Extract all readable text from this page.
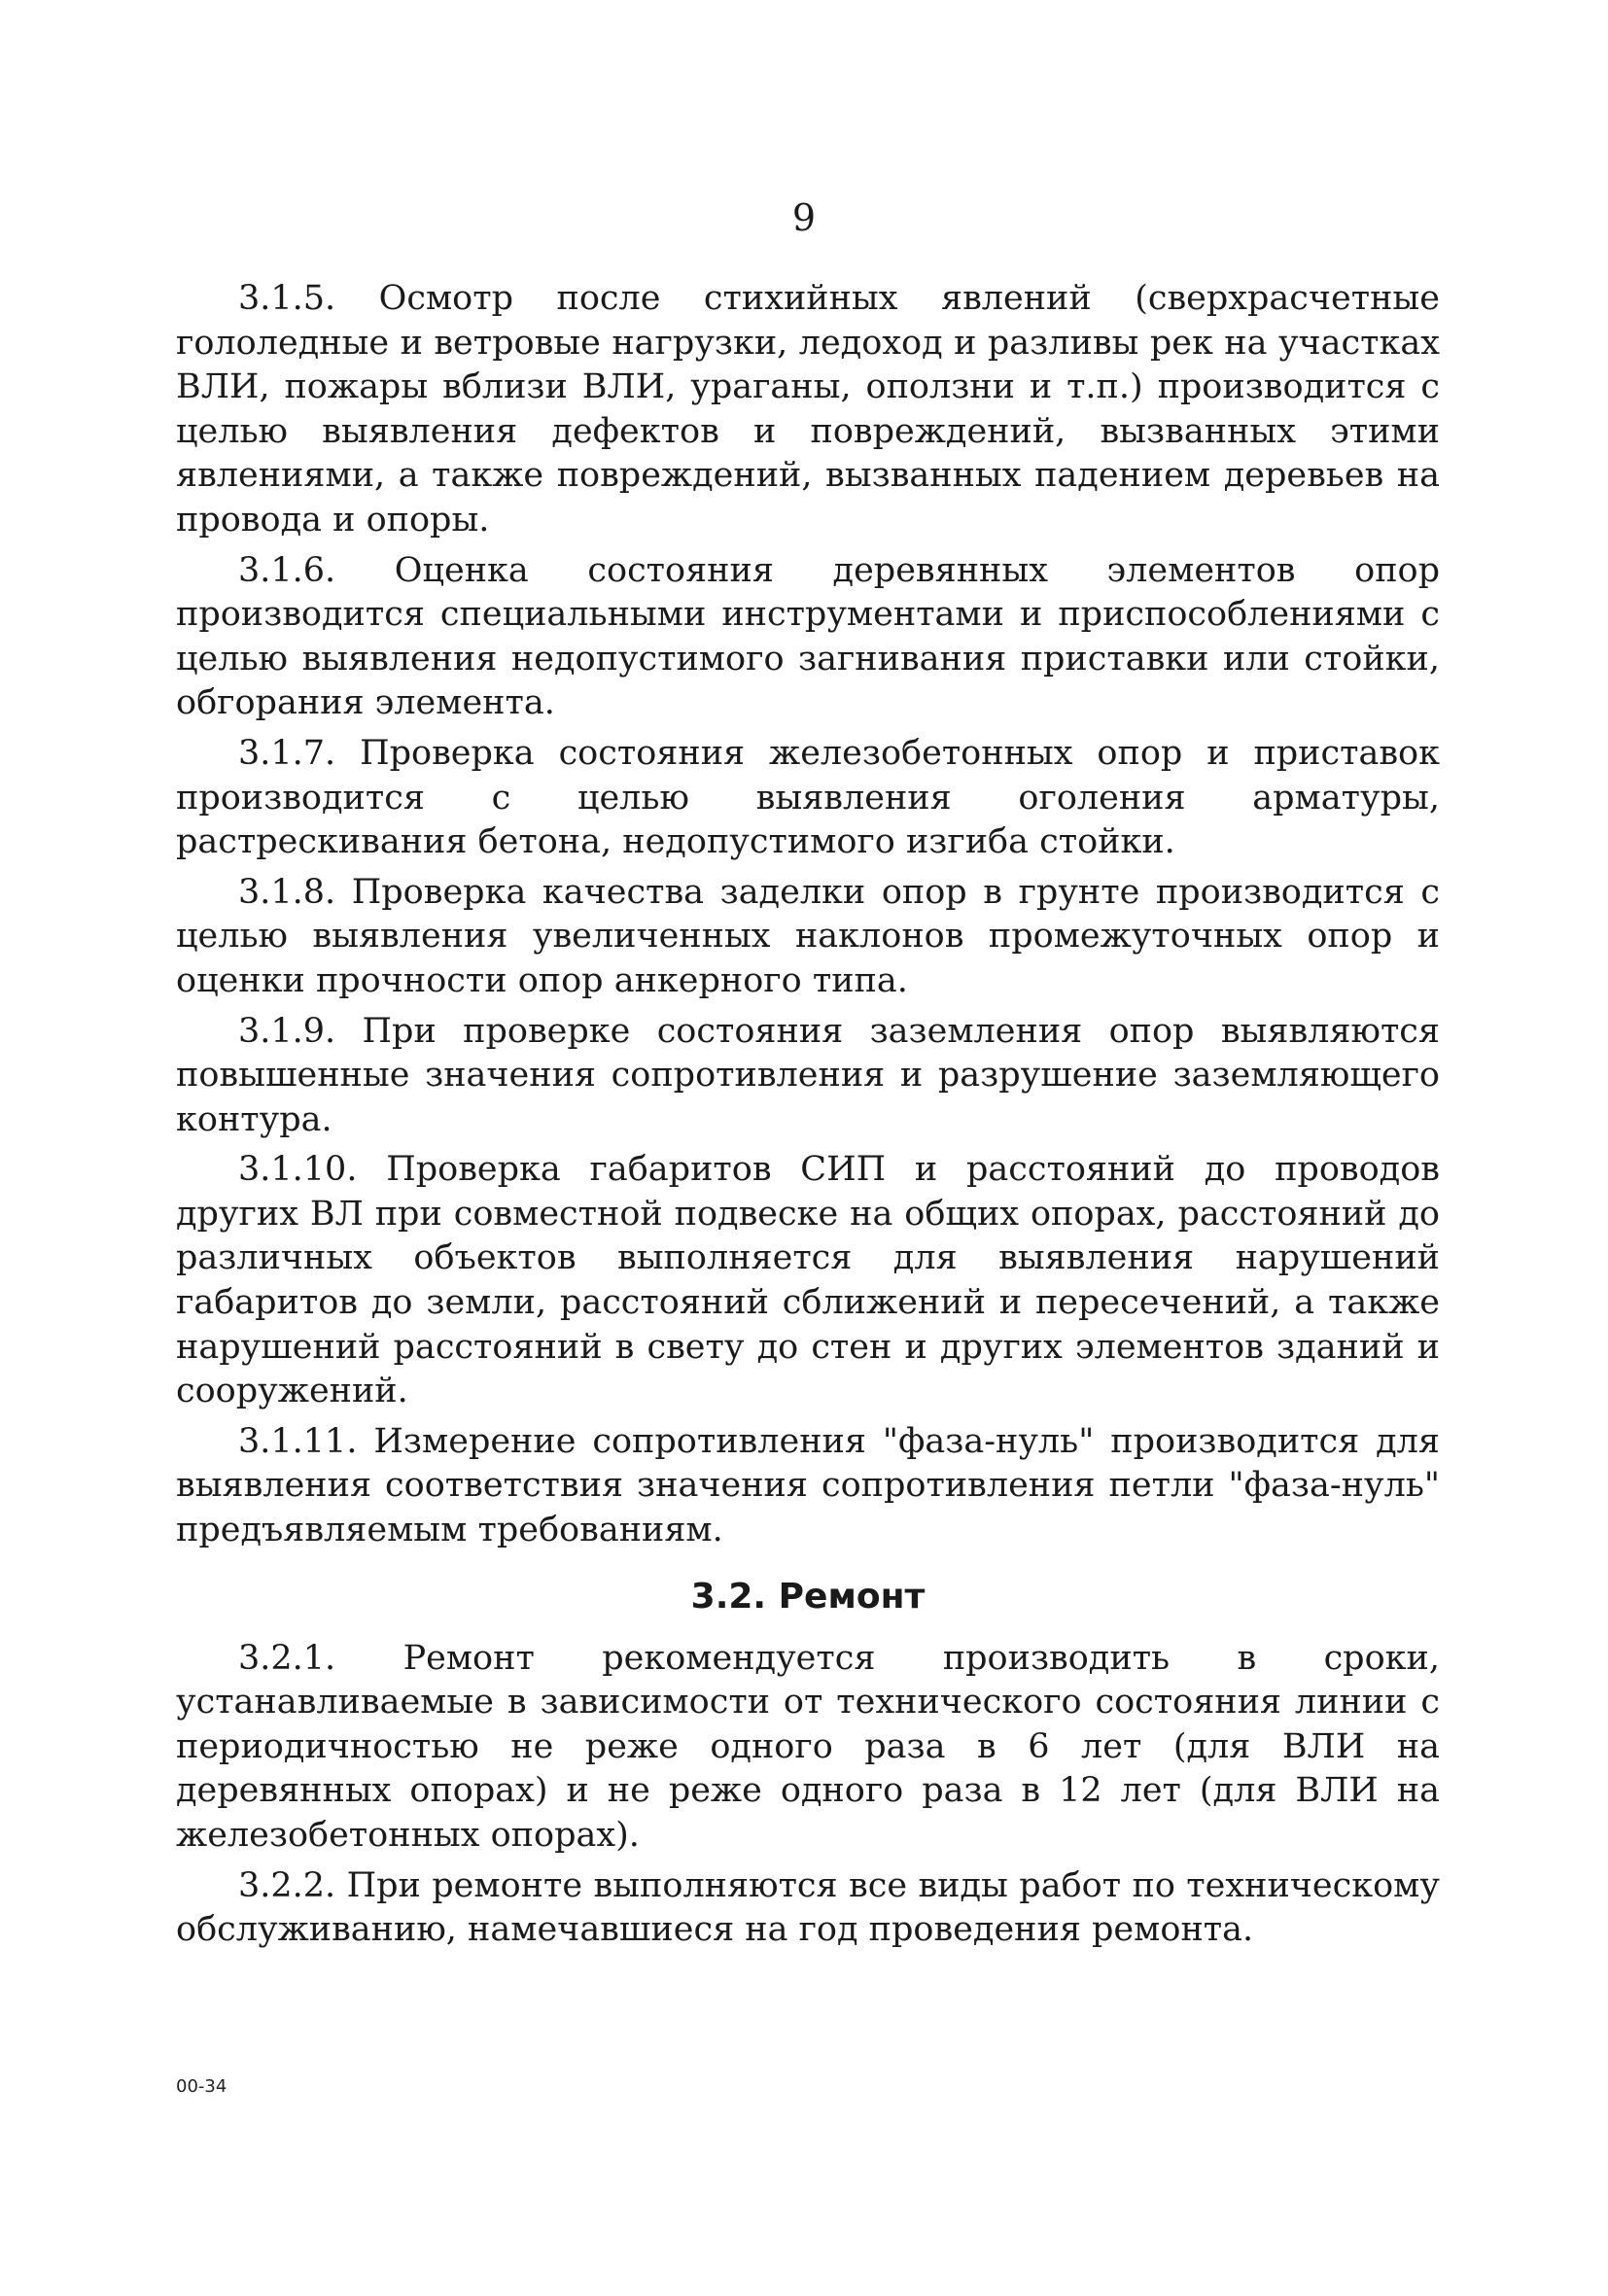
9

3.1.5. Осмотр после стихийных явлений (сверхрасчетные гололедные и ветровые нагрузки, ледоход и разливы рек на участках ВЛИ, пожары вблизи ВЛИ, ураганы, оползни и т.п.) производится с целью выявления дефектов и повреждений, вызванных этими явлениями, а также повреждений, вызванных падением деревьев на провода и опоры.

3.1.6. Оценка состояния деревянных элементов опор производится специальными инструментами и приспособлениями с целью выявления недопустимого загнивания приставки или стойки, обгорания элемента.

3.1.7. Проверка состояния железобетонных опор и приставок производится с целью выявления оголения арматуры, растрескивания бетона, недопустимого изгиба стойки.

3.1.8. Проверка качества заделки опор в грунте производится с целью выявления увеличенных наклонов промежуточных опор и оценки прочности опор анкерного типа.

3.1.9. При проверке состояния заземления опор выявляются повышенные значения сопротивления и разрушение заземляющего контура.

3.1.10. Проверка габаритов СИП и расстояний до проводов других ВЛ при совместной подвеске на общих опорах, расстояний до различных объектов выполняется для выявления нарушений габаритов до земли, расстояний сближений и пересечений, а также нарушений расстояний в свету до стен и других элементов зданий и сооружений.

3.1.11. Измерение сопротивления "фаза-нуль" производится для выявления соответствия значения сопротивления петли "фаза-нуль" предъявляемым требованиям.

3.2. Ремонт

3.2.1. Ремонт рекомендуется производить в сроки, устанавливаемые в зависимости от технического состояния линии с периодичностью не реже одного раза в 6 лет (для ВЛИ на деревянных опорах) и не реже одного раза в 12 лет (для ВЛИ на железобетонных опорах).

3.2.2. При ремонте выполняются все виды работ по техническому обслуживанию, намечавшиеся на год проведения ремонта.

00-34
